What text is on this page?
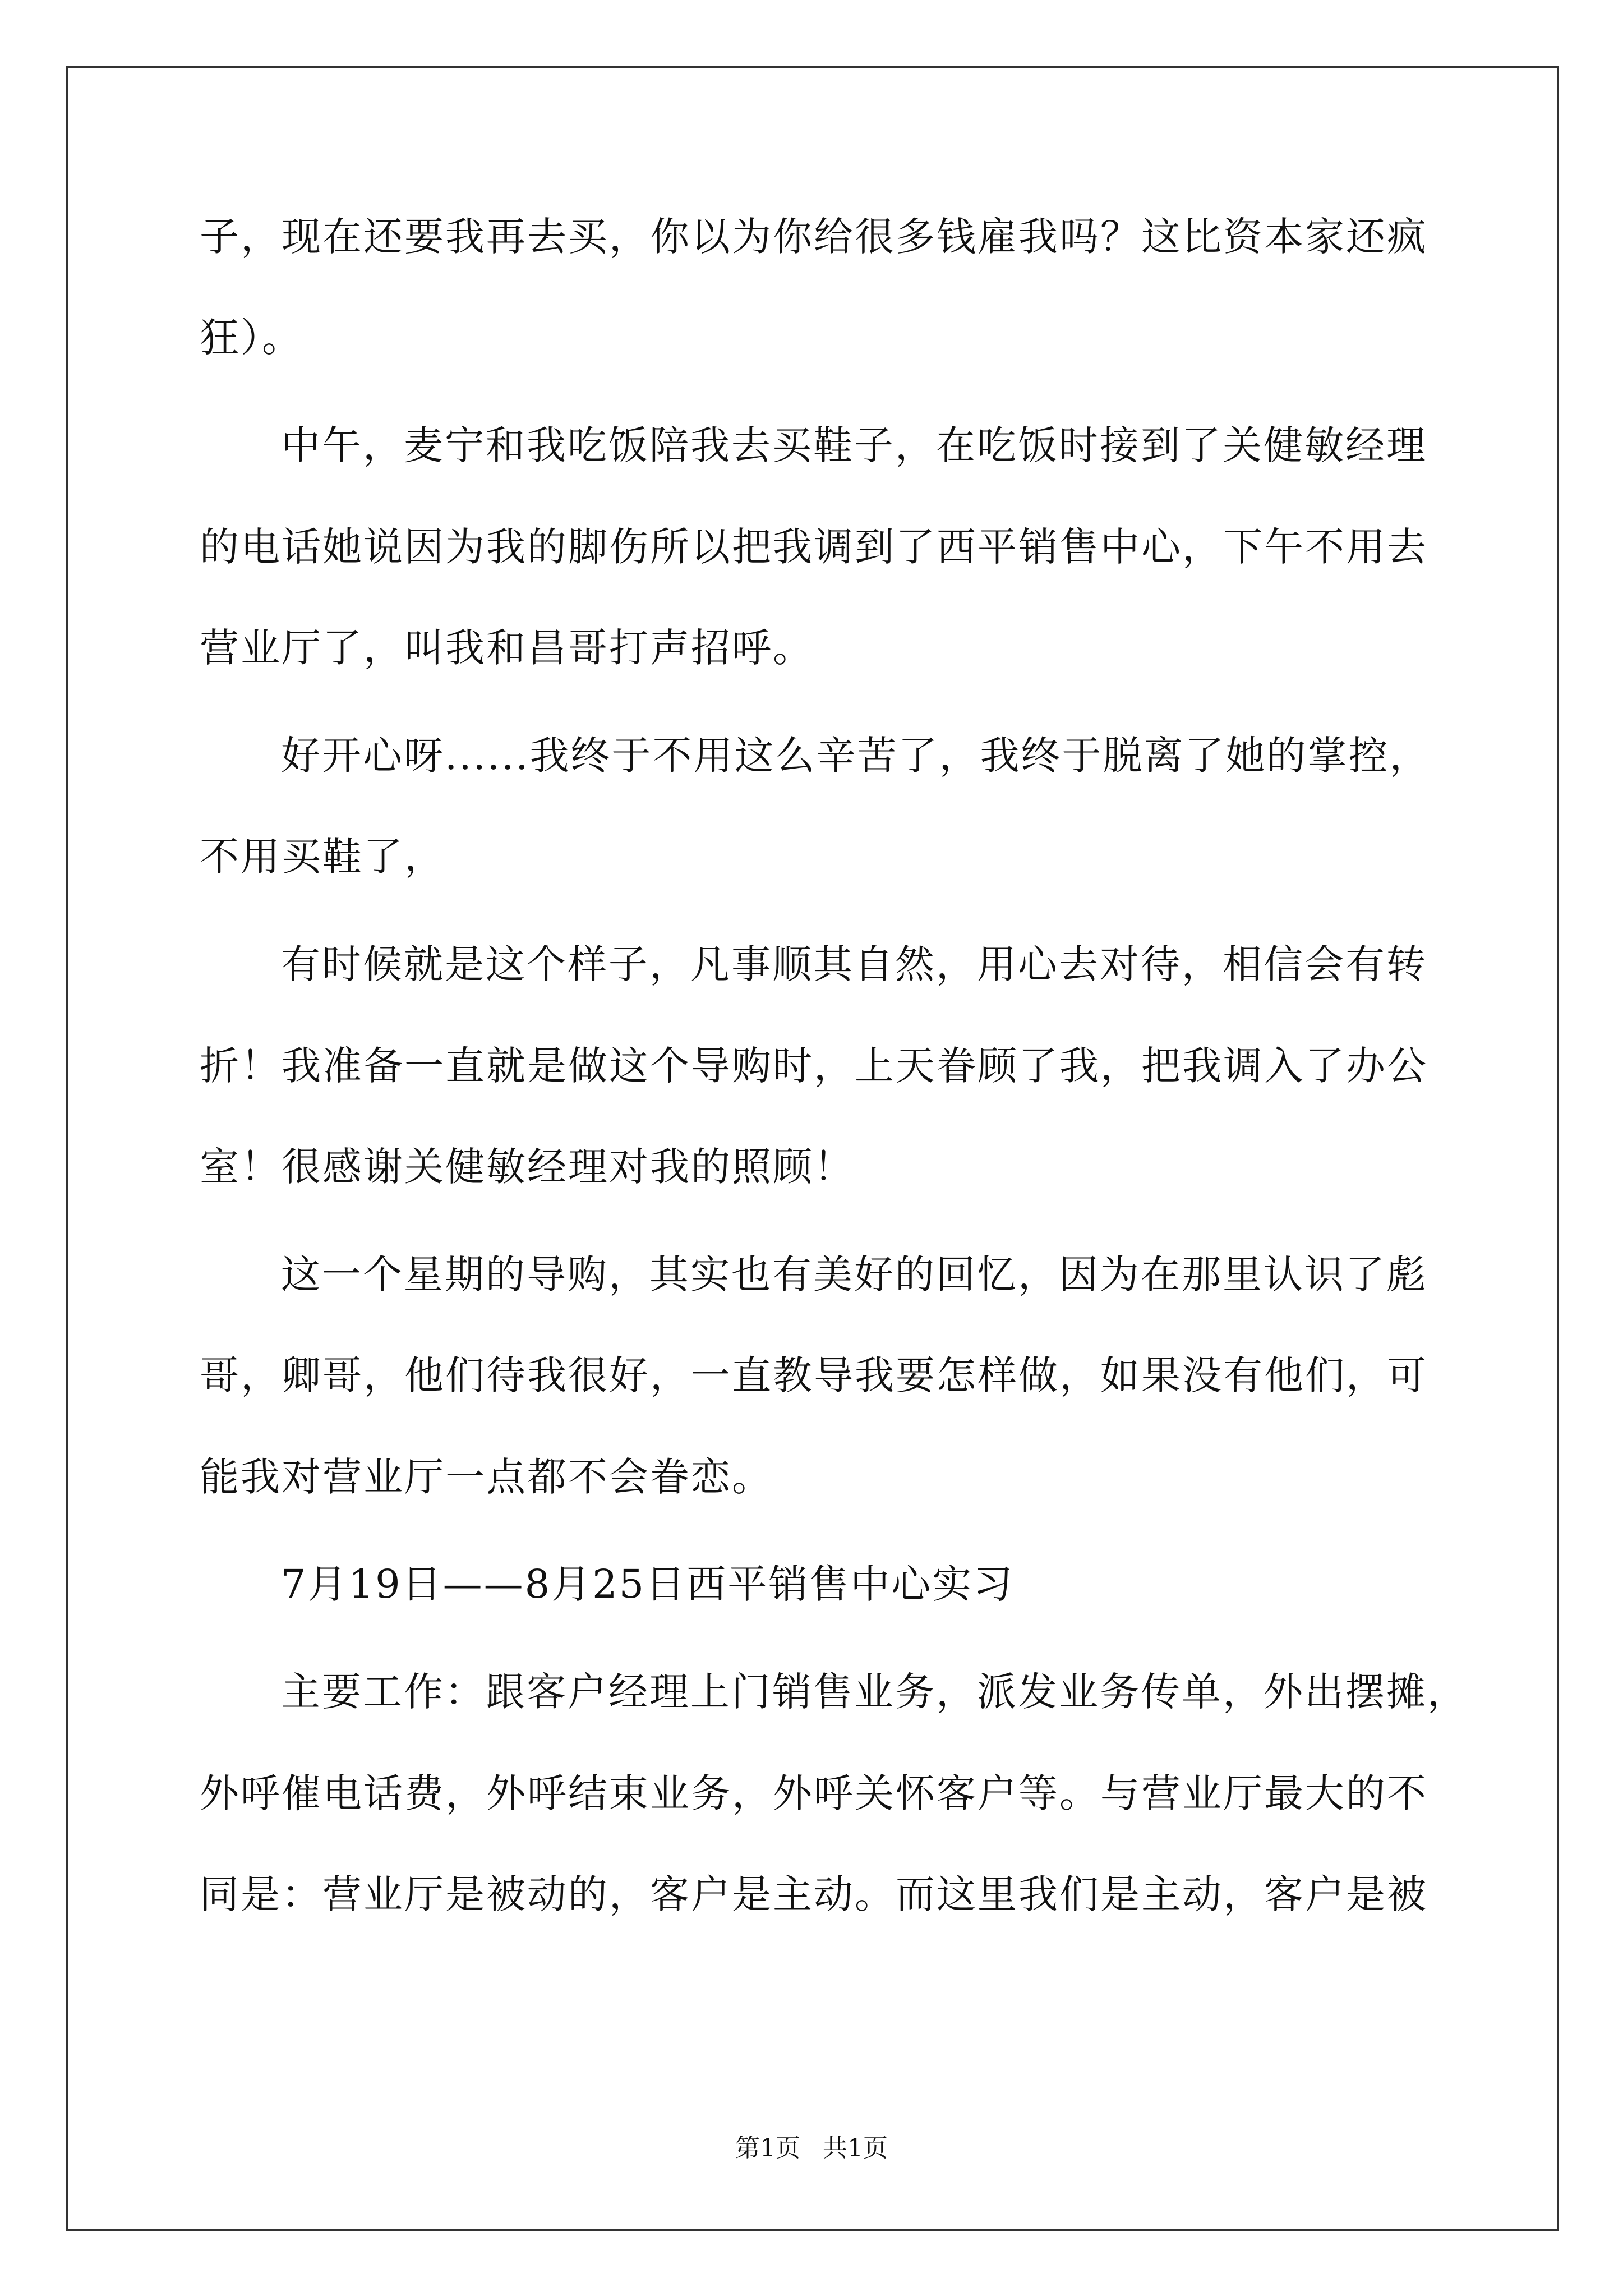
子，现在还要我再去买，你以为你给很多钱雇我吗？这比资本家还疯
狂）。
中午，麦宁和我吃饭陪我去买鞋子，在吃饭时接到了关健敏经理
的电话她说因为我的脚伤所以把我调到了西平销售中心，下午不用去
营业厅了，叫我和昌哥打声招呼。
好开心呀......我终于不用这么辛苦了，我终于脱离了她的掌控，
不用买鞋了，
有时候就是这个样子，凡事顺其自然，用心去对待，相信会有转
折！我准备一直就是做这个导购时，上天眷顾了我，把我调入了办公
室！很感谢关健敏经理对我的照顾！
这一个星期的导购，其实也有美好的回忆，因为在那里认识了彪
哥，卿哥，他们待我很好，一直教导我要怎样做，如果没有他们，可
能我对营业厅一点都不会眷恋。
7月19日——8月25日西平销售中心实习
主要工作：跟客户经理上门销售业务，派发业务传单，外出摆摊，
外呼催电话费，外呼结束业务，外呼关怀客户等。与营业厅最大的不
同是：营业厅是被动的，客户是主动。而这里我们是主动，客户是被
第1页 共1页
